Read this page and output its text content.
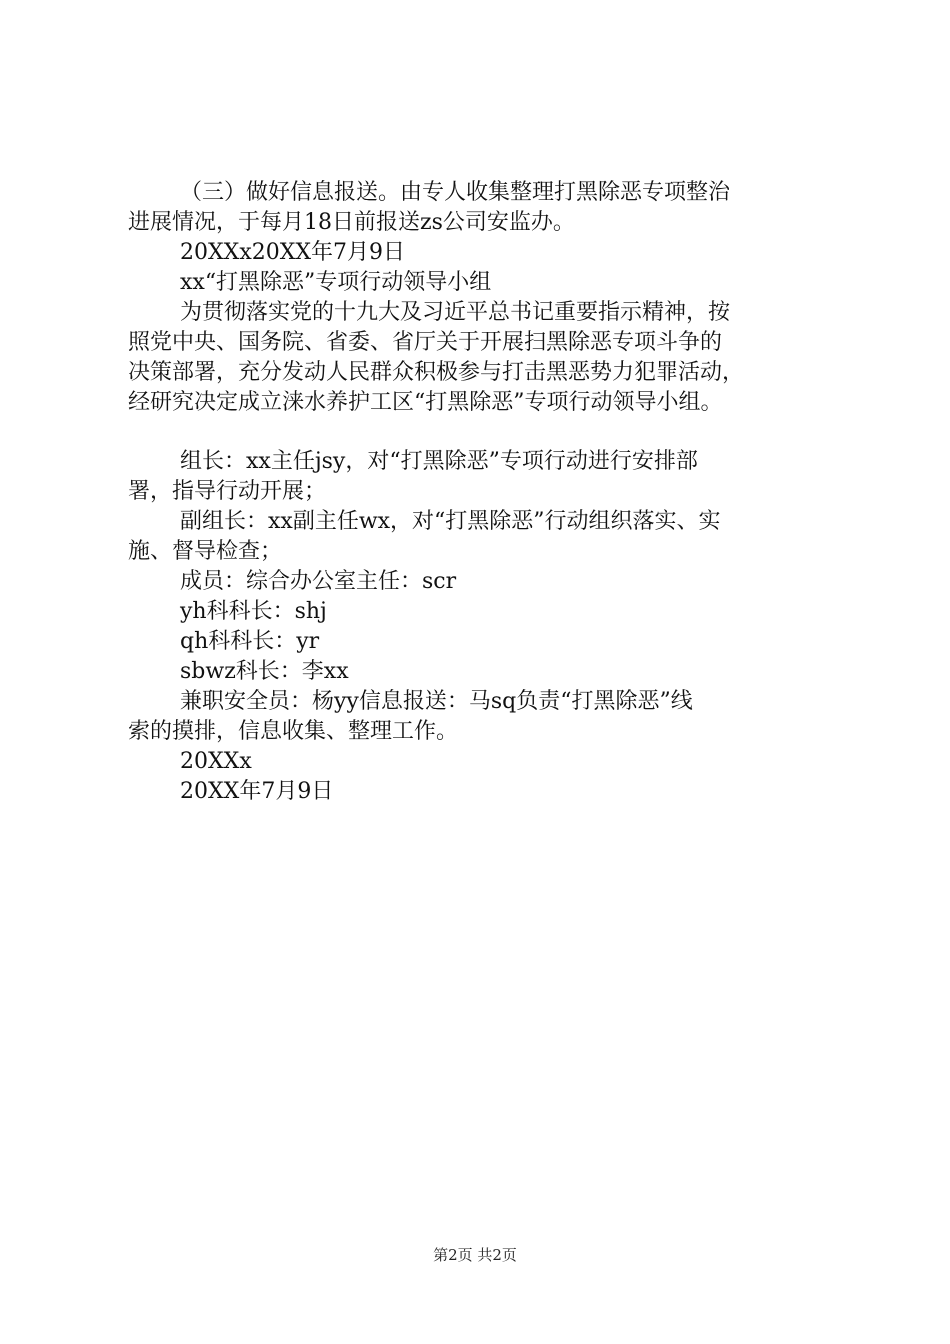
（三）做好信息报送。由专人收集整理打黑除恶专项整治
进展情况，于每月18日前报送zs公司安监办。
20XXx20XX年7月9日
xx“打黑除恶”专项行动领导小组
为贯彻落实党的十九大及习近平总书记重要指示精神，按
照党中央、国务院、省委、省厅关于开展扫黑除恶专项斗争的
决策部署，充分发动人民群众积极参与打击黑恶势力犯罪活动，
经研究决定成立涞水养护工区“打黑除恶”专项行动领导小组。
组长：xx主任jsy，对“打黑除恶”专项行动进行安排部
署，指导行动开展；
副组长：xx副主任wx，对“打黑除恶”行动组织落实、实
施、督导检查；
成员：综合办公室主任：scr
yh科科长：shj
qh科科长：yr
sbwz科长：李xx
兼职安全员：杨yy信息报送：马sq负责“打黑除恶”线
索的摸排，信息收集、整理工作。
20XXx
20XX年7月9日
第2页 共2页
